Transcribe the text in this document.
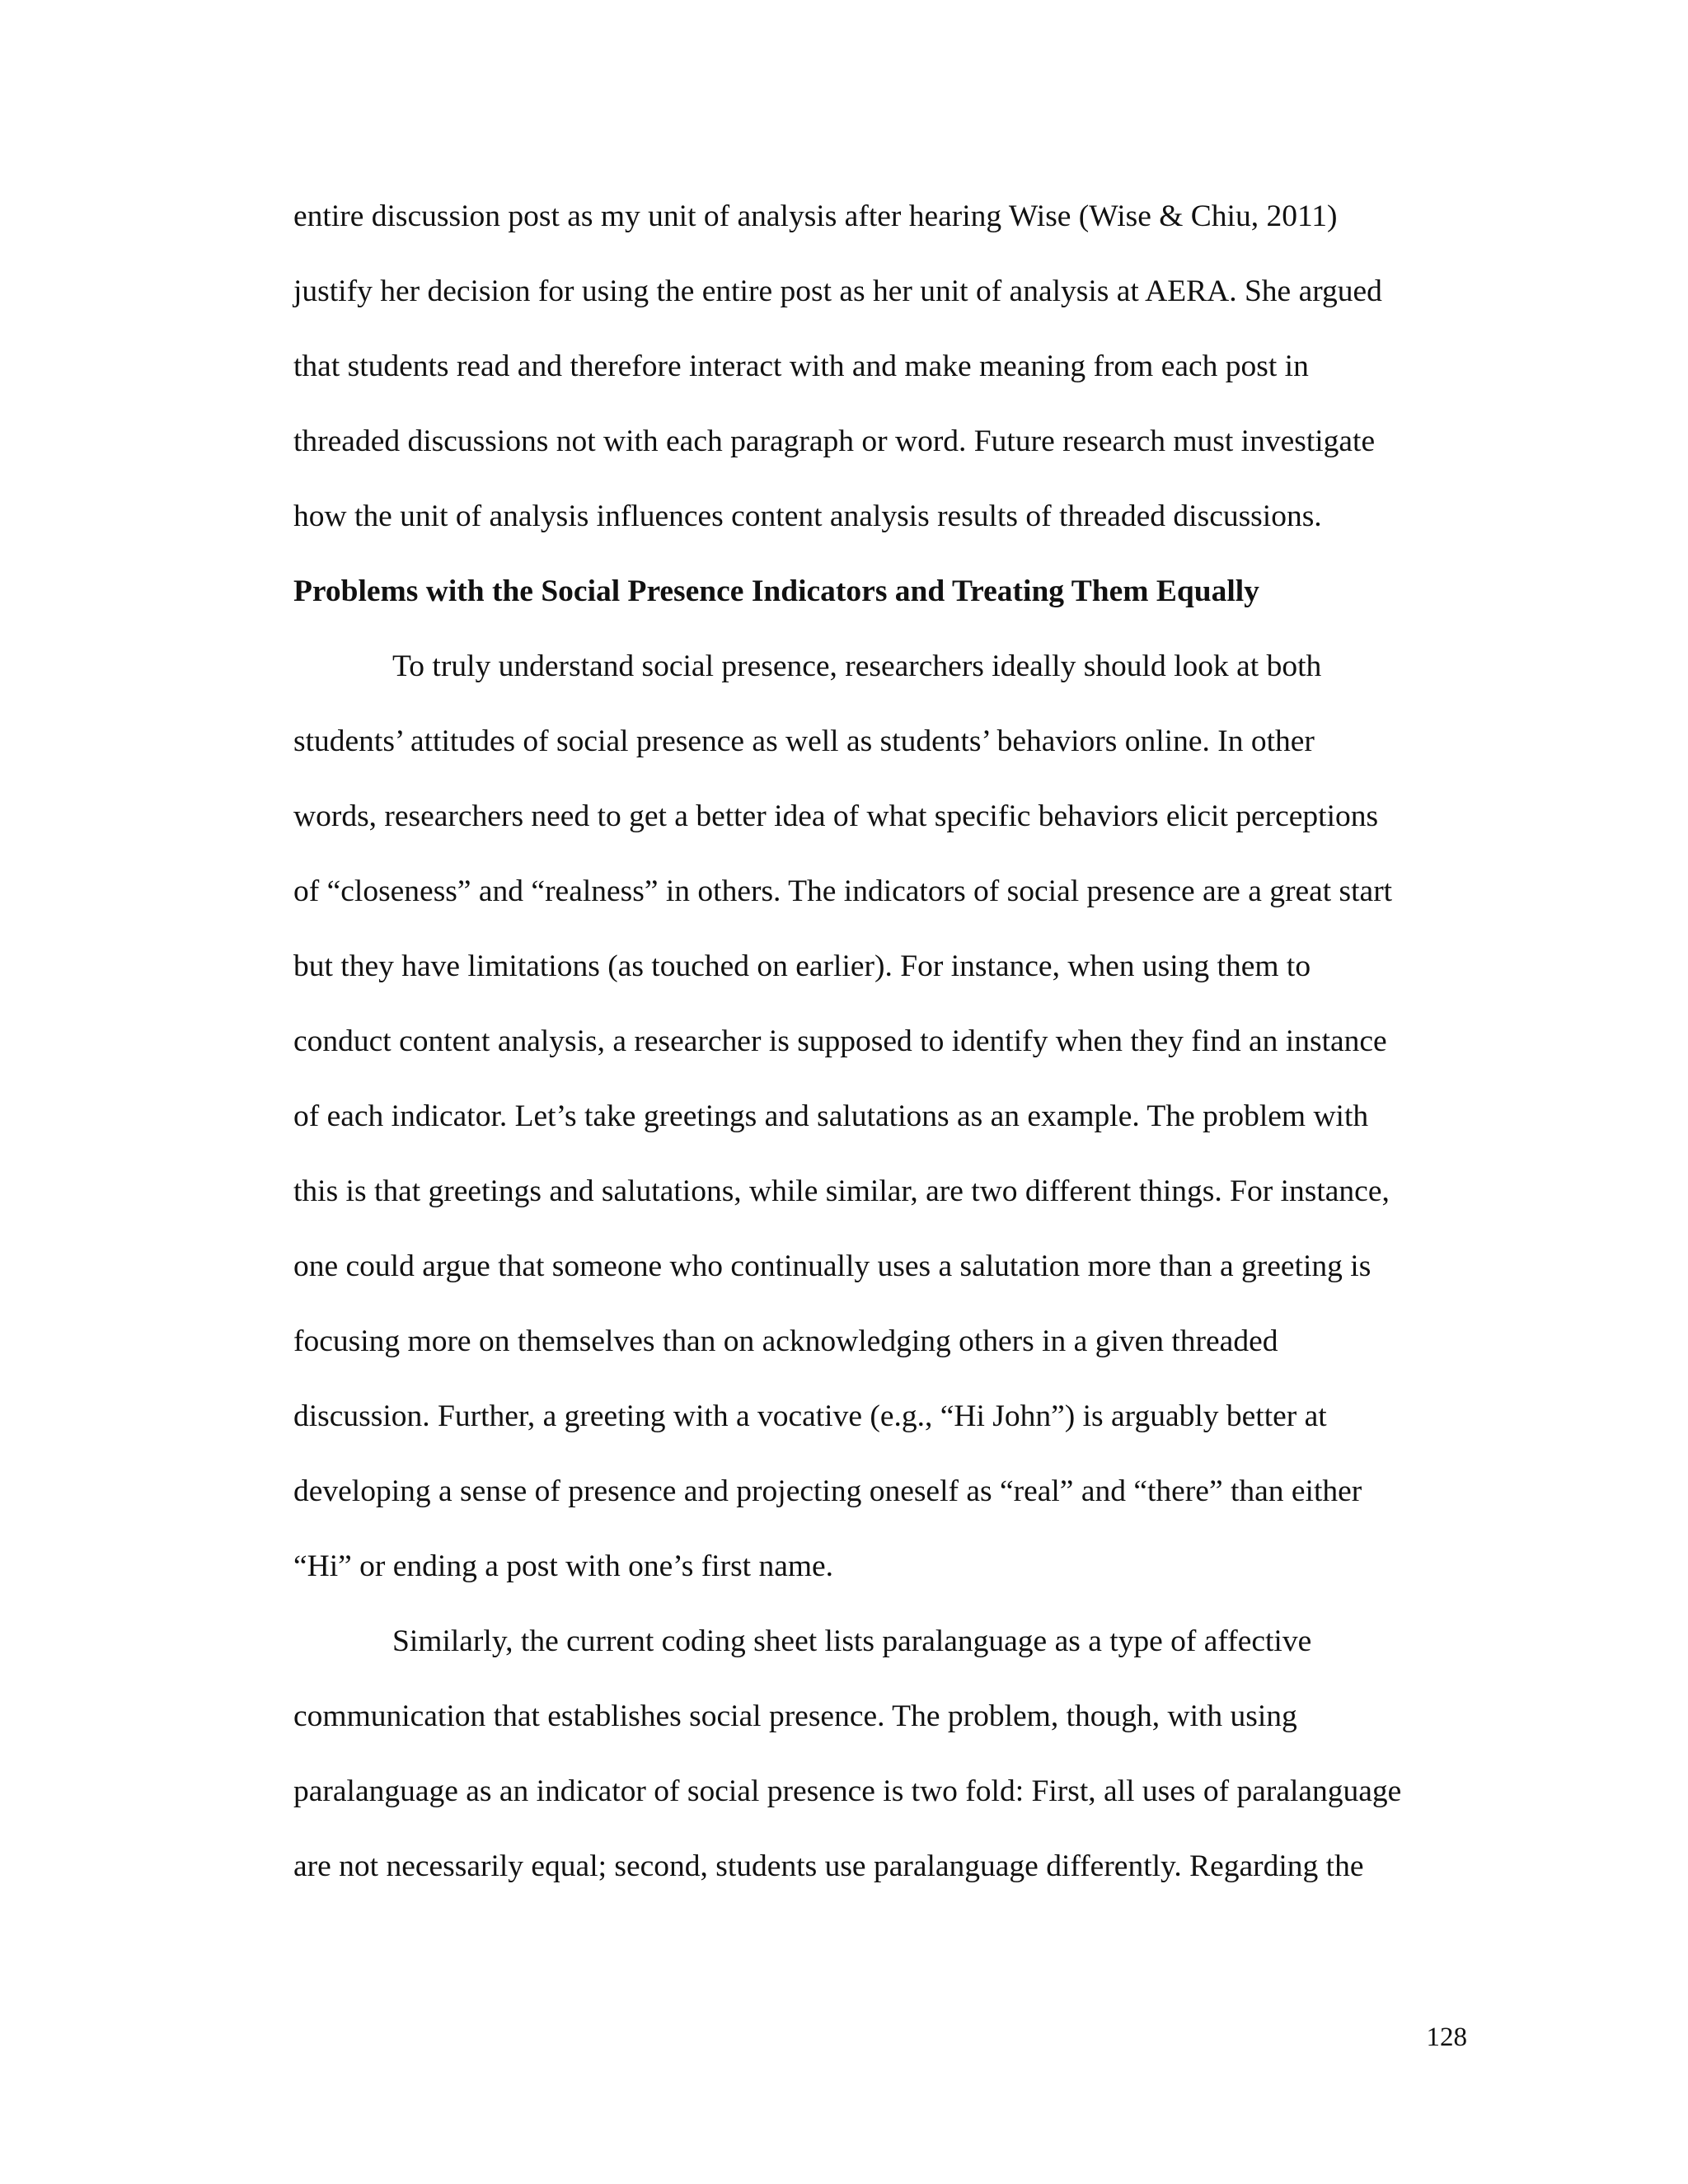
entire discussion post as my unit of analysis after hearing Wise (Wise & Chiu, 2011)
justify her decision for using the entire post as her unit of analysis at AERA. She argued
that students read and therefore interact with and make meaning from each post in
threaded discussions not with each paragraph or word. Future research must investigate
how the unit of analysis influences content analysis results of threaded discussions.
Problems with the Social Presence Indicators and Treating Them Equally
To truly understand social presence, researchers ideally should look at both
students’ attitudes of social presence as well as students’ behaviors online. In other
words, researchers need to get a better idea of what specific behaviors elicit perceptions
of “closeness” and “realness” in others. The indicators of social presence are a great start
but they have limitations (as touched on earlier). For instance, when using them to
conduct content analysis, a researcher is supposed to identify when they find an instance
of each indicator. Let’s take greetings and salutations as an example. The problem with
this is that greetings and salutations, while similar, are two different things. For instance,
one could argue that someone who continually uses a salutation more than a greeting is
focusing more on themselves than on acknowledging others in a given threaded
discussion. Further, a greeting with a vocative (e.g., “Hi John”) is arguably better at
developing a sense of presence and projecting oneself as “real” and “there” than either
“Hi” or ending a post with one’s first name.
Similarly, the current coding sheet lists paralanguage as a type of affective
communication that establishes social presence. The problem, though, with using
paralanguage as an indicator of social presence is two fold: First, all uses of paralanguage
are not necessarily equal; second, students use paralanguage differently. Regarding the
128
